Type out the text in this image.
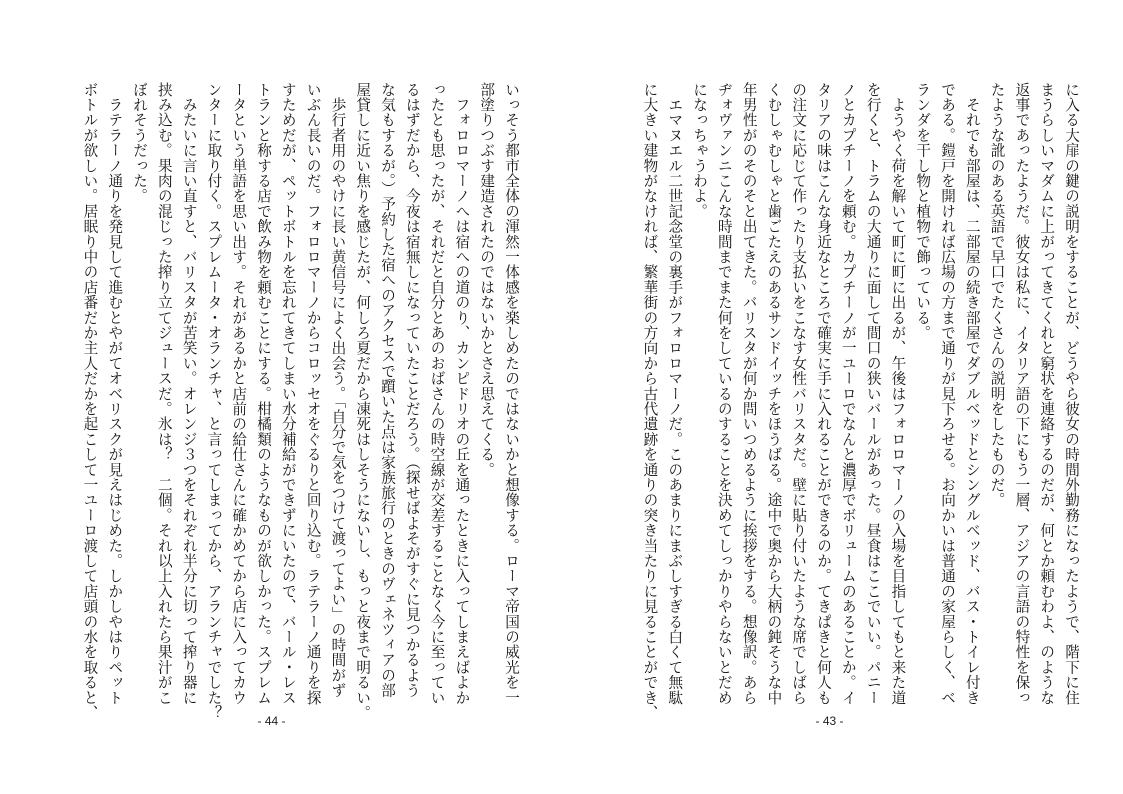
いっそう都市全体の渾然一体感を楽しめたのではないかと想像する。ローマ帝国の威光を一
部塗りつぶす建造されたのではないかとさえ思えてくる。
　フォロロマーノへは宿への道のり、カンピドリオの丘を通ったときに入ってしまえばよか
ったとも思ったが、それだと自分とあのおばさんの時空線が交差することなく今に至ってい
るはずだから、今夜は宿無しになっていたことだろう。（探せばよそがすぐに見つかるよう
な気もするが。）予約した宿へのアクセスで躓いた点は家族旅行のときのヴェネツィアの部
屋貸しに近い焦りを感じたが、何しろ夏だから凍死はしそうにないし、もっと夜まで明るい。
　歩行者用のやけに長い黄信号によく出会う。「自分で気をつけて渡ってよい」の時間がず
いぶん長いのだ。フォロロマーノからコロッセオをぐるりと回り込む。ラテラーノ通りを探
すためだが、ペットボトルを忘れてきてしまい水分補給ができずにいたので、バール・レス
トランと称する店で飲み物を頼むことにする。柑橘類のようなものが欲しかった。スプレム
ータという単語を思い出す。それがあるかと店前の給仕さんに確かめてから店に入ってカウ
ンターに取り付く。スプレムータ・オランチャ、と言ってしまってから、アランチャでした？
　みたいに言い直すと、バリスタが苦笑い。オレンジ３つをそれぞれ半分に切って搾り器に
挟み込む。果肉の混じった搾り立てジュースだ。氷は？　二個。それ以上入れたら果汁がこ
ぼれそうだった。
　ラテラーノ通りを発見して進むとやがてオベリスクが見えはじめた。しかしやはりペット
ボトルが欲しい。居眠り中の店番だか主人だかを起こして一ユーロ渡して店頭の水を取ると、
- 44 -
に入る大扉の鍵の説明をすることが、どうやら彼女の時間外勤務になったようで、階下に住
まうらしいマダムに上がってきてくれと窮状を連絡するのだが、何とか頼むわよ、のような
返事であったようだ。彼女は私に、イタリア語の下にもう一層、アジアの言語の特性を保っ
たような訛のある英語で早口でたくさんの説明をしたものだ。
　それでも部屋は、二部屋の続き部屋でダブルベッドとシングルベッド、バス・トイレ付き
である。鎧戸を開ければ広場の方まで通りが見下ろせる。お向かいは普通の家屋らしく、ベ
ランダを干し物と植物で飾っている。
　ようやく荷を解いて町に町に出るが、午後はフォロロマーノの入場を目指してもと来た道
を行くと、トラムの大通りに面して間口の狭いバールがあった。昼食はここでいい。パニー
ノとカプチーノを頼む。カプチーノが一ユーロでなんと濃厚でボリュームのあることか。イ
タリアの味はこんな身近なところで確実に手に入れることができるのか。てきぱきと何人も
の注文に応じて作ったり支払いをこなす女性バリスタだ。壁に貼り付いたような席でしばら
くむしゃむしゃと歯ごたえのあるサンドイッチをほうばる。途中で奥から大柄の鈍そうな中
年男性がのそのそと出てきた。バリスタが何か問いつめるように挨拶をする。想像訳。あら
ヂォヴァンニこんな時間までまた何をしているのすることを決めてしっかりやらないとだめ
になっちゃうわよ。
　エマヌエル二世記念堂の裏手がフォロロマーノだ。このあまりにまぶしすぎる白くて無駄
に大きい建物がなければ、繁華街の方向から古代遺跡を通りの突き当たりに見ることができ、
- 43 -
